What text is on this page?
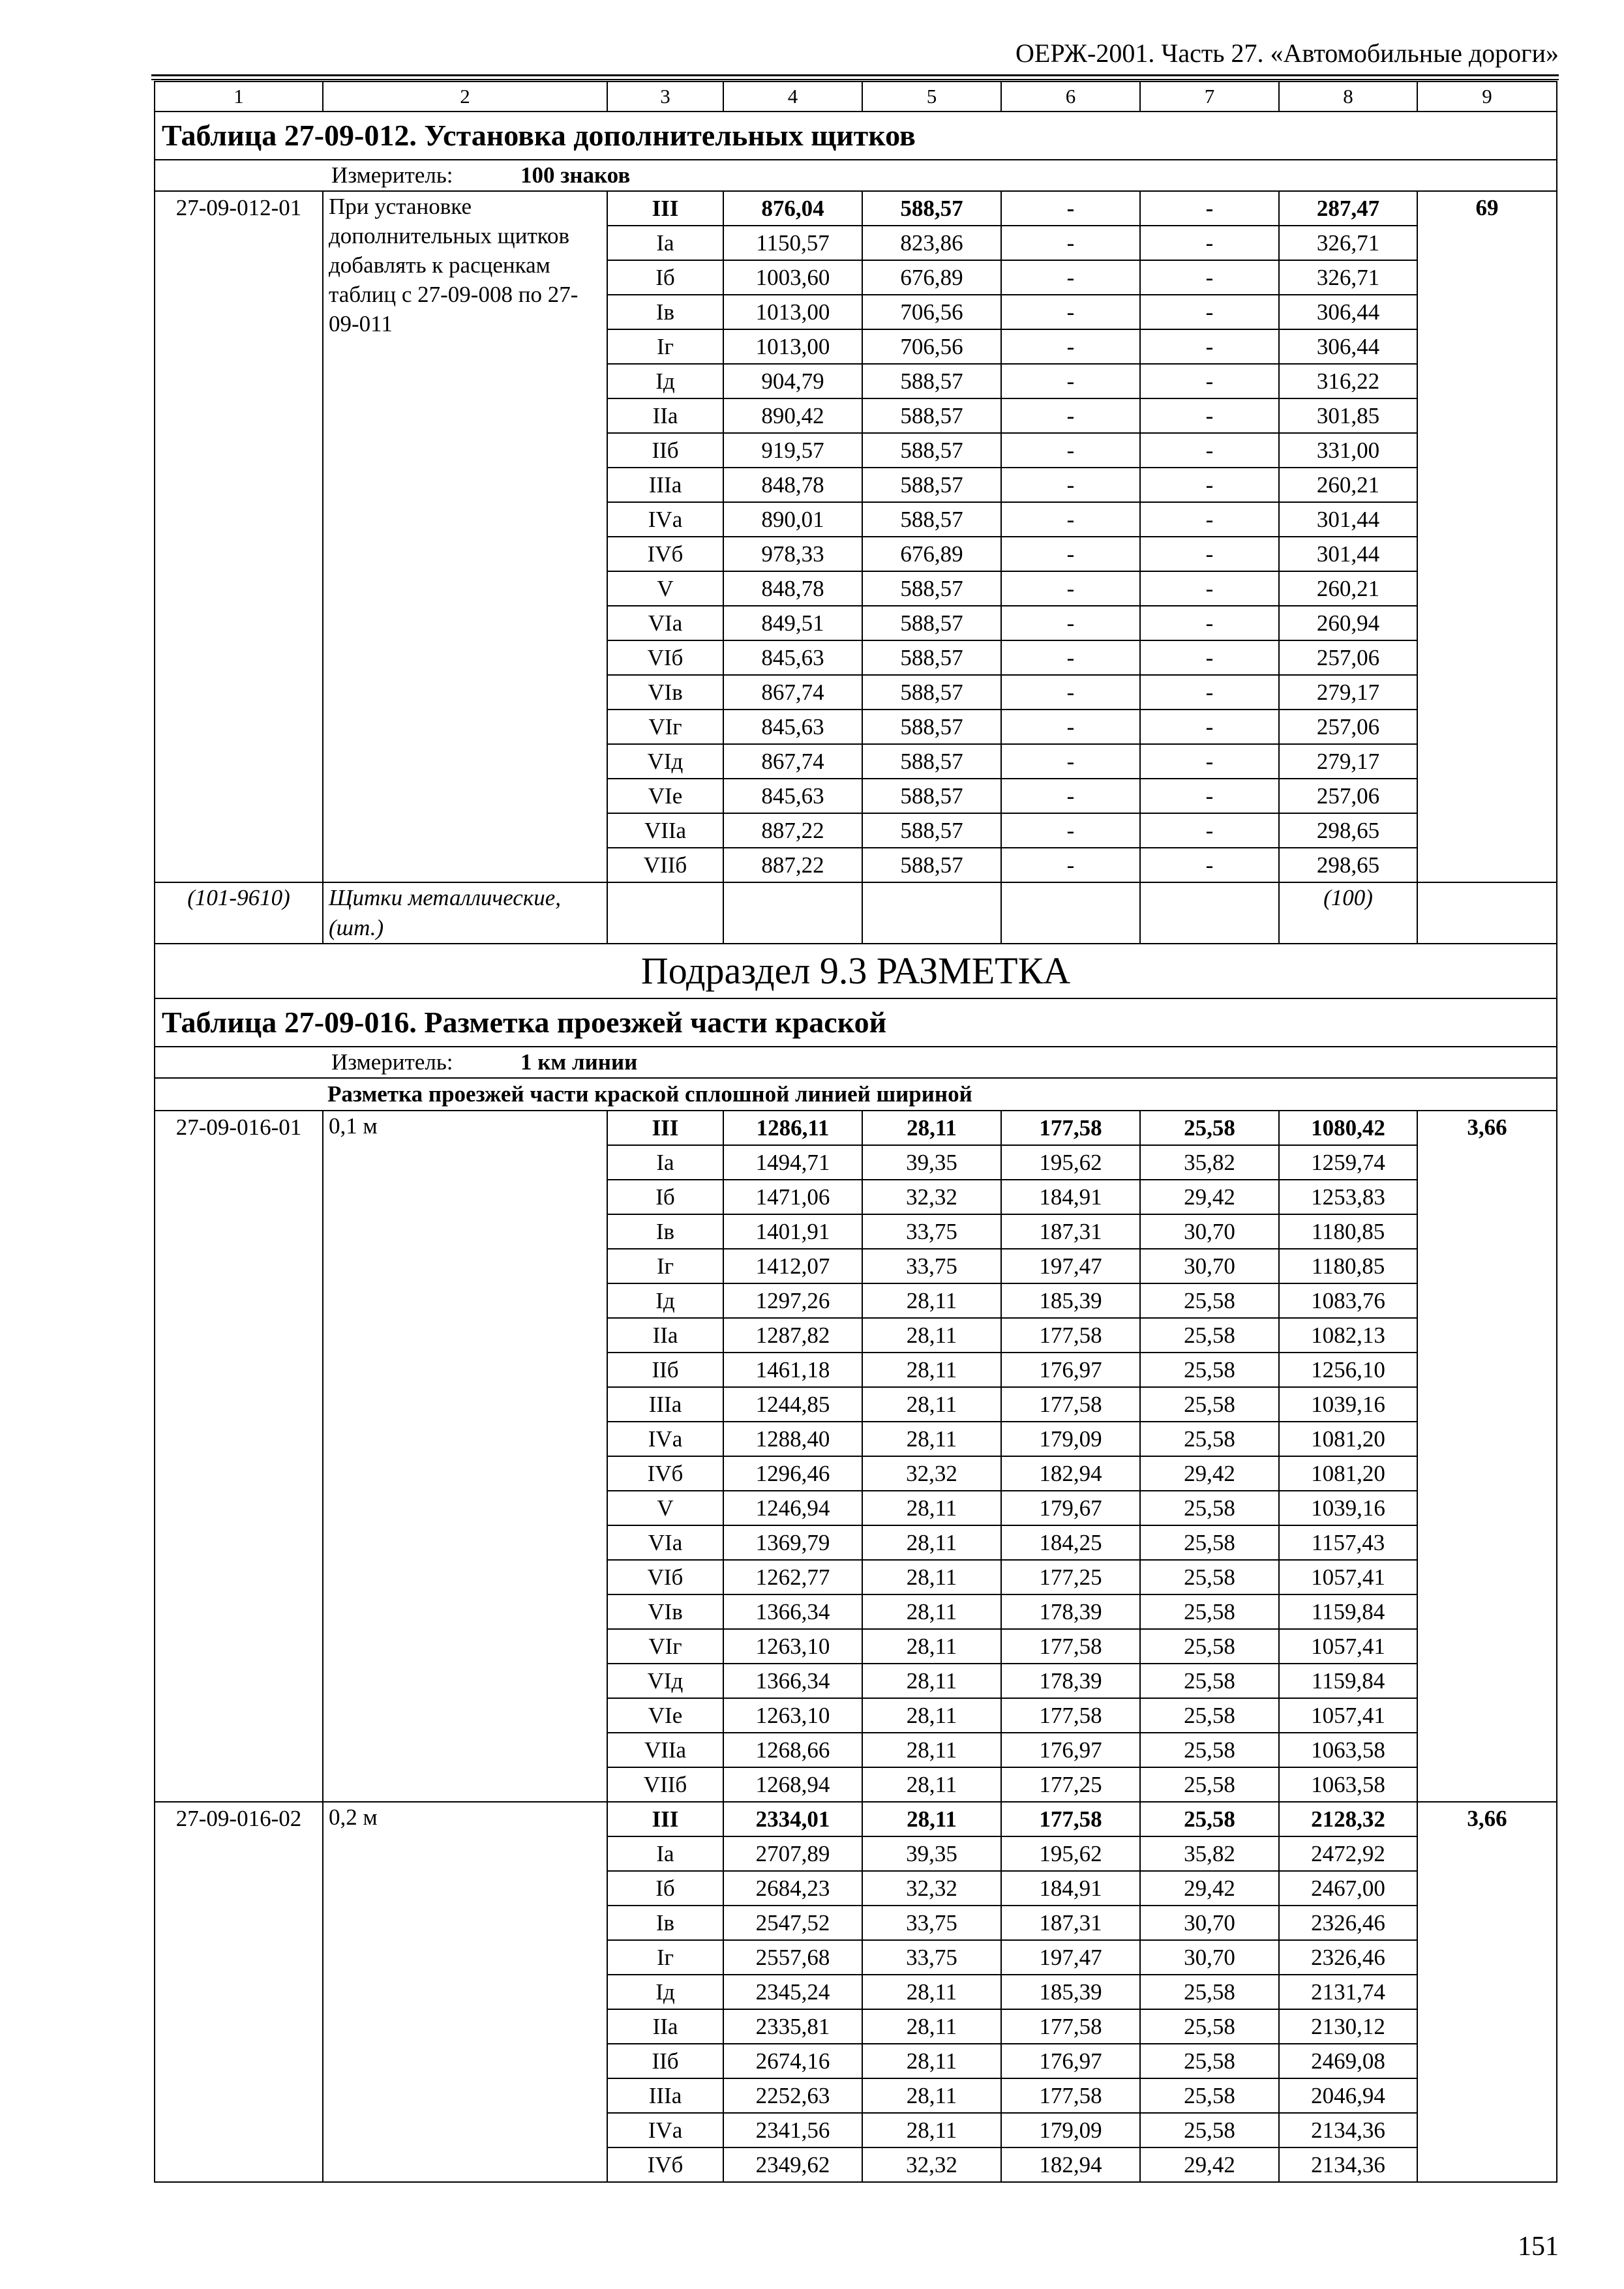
ОЕРЖ-2001. Часть 27. «Автомобильные дороги»
1	2	3	4	5	6	7	8	9
Таблица 27-09-012. Установка дополнительных щитков								
Измеритель: 100 знаков								
27-09-012-01	При установке дополнительных щитков добавлять к расценкам таблиц с 27-09-008 по 27-09-011	III	876,04	588,57	-	-	287,47	69
		Iа	1150,57	823,86	-	-	326,71	
		Iб	1003,60	676,89	-	-	326,71	
		Iв	1013,00	706,56	-	-	306,44	
		Iг	1013,00	706,56	-	-	306,44	
		Iд	904,79	588,57	-	-	316,22	
		IIа	890,42	588,57	-	-	301,85	
		IIб	919,57	588,57	-	-	331,00	
		IIIа	848,78	588,57	-	-	260,21	
		IVа	890,01	588,57	-	-	301,44	
		IVб	978,33	676,89	-	-	301,44	
		V	848,78	588,57	-	-	260,21	
		VIа	849,51	588,57	-	-	260,94	
		VIб	845,63	588,57	-	-	257,06	
		VIв	867,74	588,57	-	-	279,17	
		VIг	845,63	588,57	-	-	257,06	
		VIд	867,74	588,57	-	-	279,17	
		VIе	845,63	588,57	-	-	257,06	
		VIIа	887,22	588,57	-	-	298,65	
		VIIб	887,22	588,57	-	-	298,65	
(101-9610)	Щитки металлические, (шт.)						(100)	
Подраздел 9.3 РАЗМЕТКА								
Таблица 27-09-016. Разметка проезжей части краской								
Измеритель: 1 км линии								
Разметка проезжей части краской сплошной линией шириной								
27-09-016-01	0,1 м	III	1286,11	28,11	177,58	25,58	1080,42	3,66
		Iа	1494,71	39,35	195,62	35,82	1259,74	
		Iб	1471,06	32,32	184,91	29,42	1253,83	
		Iв	1401,91	33,75	187,31	30,70	1180,85	
		Iг	1412,07	33,75	197,47	30,70	1180,85	
		Iд	1297,26	28,11	185,39	25,58	1083,76	
		IIа	1287,82	28,11	177,58	25,58	1082,13	
		IIб	1461,18	28,11	176,97	25,58	1256,10	
		IIIа	1244,85	28,11	177,58	25,58	1039,16	
		IVа	1288,40	28,11	179,09	25,58	1081,20	
		IVб	1296,46	32,32	182,94	29,42	1081,20	
		V	1246,94	28,11	179,67	25,58	1039,16	
		VIа	1369,79	28,11	184,25	25,58	1157,43	
		VIб	1262,77	28,11	177,25	25,58	1057,41	
		VIв	1366,34	28,11	178,39	25,58	1159,84	
		VIг	1263,10	28,11	177,58	25,58	1057,41	
		VIд	1366,34	28,11	178,39	25,58	1159,84	
		VIе	1263,10	28,11	177,58	25,58	1057,41	
		VIIа	1268,66	28,11	176,97	25,58	1063,58	
		VIIб	1268,94	28,11	177,25	25,58	1063,58	
27-09-016-02	0,2 м	III	2334,01	28,11	177,58	25,58	2128,32	3,66
		Iа	2707,89	39,35	195,62	35,82	2472,92	
		Iб	2684,23	32,32	184,91	29,42	2467,00	
		Iв	2547,52	33,75	187,31	30,70	2326,46	
		Iг	2557,68	33,75	197,47	30,70	2326,46	
		Iд	2345,24	28,11	185,39	25,58	2131,74	
		IIа	2335,81	28,11	177,58	25,58	2130,12	
		IIб	2674,16	28,11	176,97	25,58	2469,08	
		IIIа	2252,63	28,11	177,58	25,58	2046,94	
		IVа	2341,56	28,11	179,09	25,58	2134,36	
		IVб	2349,62	32,32	182,94	29,42	2134,36	
151
